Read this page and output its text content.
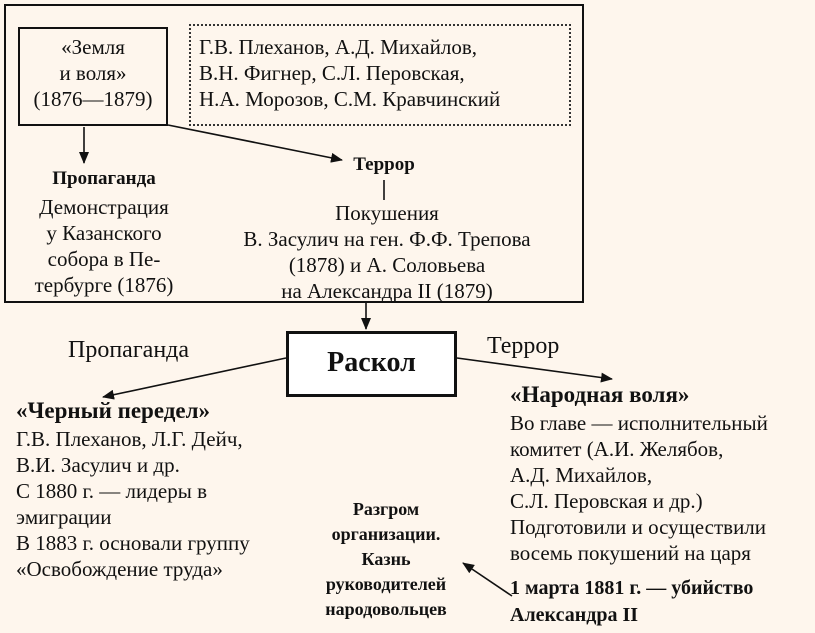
«Земля
и воля»
(1876—1879)
Г.В. Плеханов, А.Д. Михайлов,
В.Н. Фигнер, С.Л. Перовская,
Н.А. Морозов, С.М. Кравчинский
Пропаганда
Демонстрация
у Казанского
собора в Пе-
тербурге (1876)
Террор
Покушения
В. Засулич на ген. Ф.Ф. Трепова
(1878) и А. Соловьева
на Александра II (1879)
Раскол
Пропаганда	Террор
«Черный передел»
Г.В. Плеханов, Л.Г. Дейч,
В.И. Засулич и др.
С 1880 г. — лидеры в
эмиграции
В 1883 г. основали группу
«Освобождение труда»
«Народная воля»
Во главе — исполнительный
комитет (А.И. Желябов,
А.Д. Михайлов,
С.Л. Перовская и др.)
Подготовили и осуществили
восемь покушений на царя
1 марта 1881 г. — убийство
Александра II
Разгром
организации.
Казнь
руководителей
народовольцев
